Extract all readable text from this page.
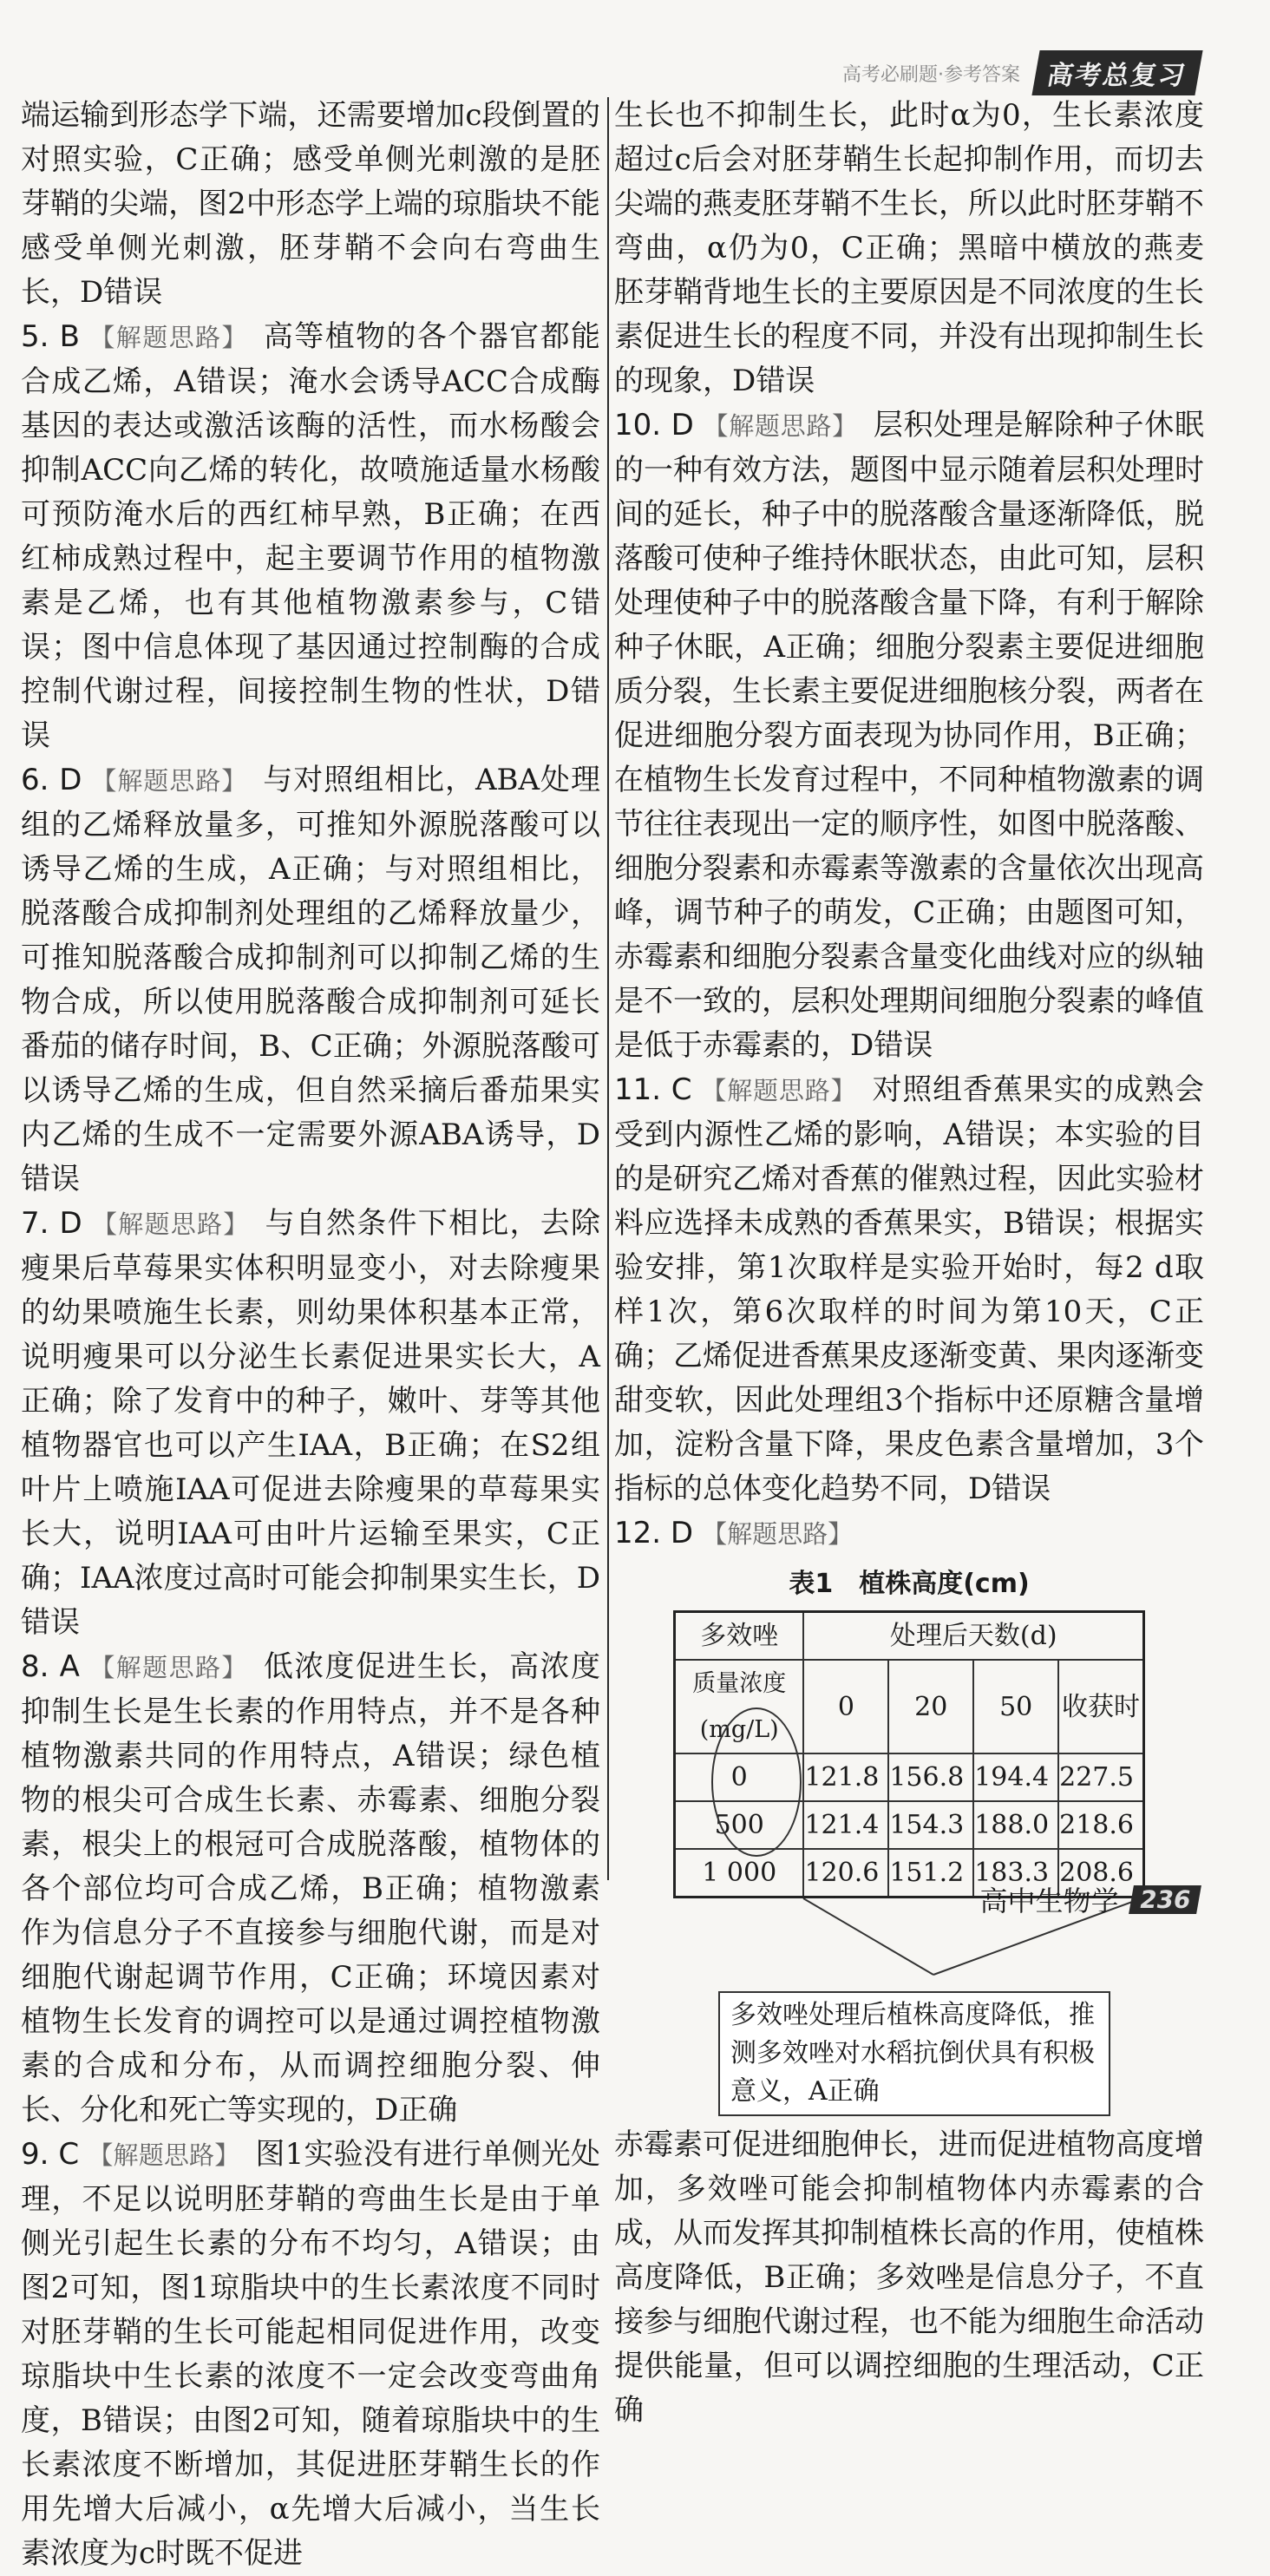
高考必刷题·参考答案 高考总复习

端运输到形态学下端，还需要增加c段倒置的对照实验，C正确；感受单侧光刺激的是胚芽鞘的尖端，图2中形态学上端的琼脂块不能感受单侧光刺激，胚芽鞘不会向右弯曲生长，D错误

5. B 【解题思路】 高等植物的各个器官都能合成乙烯，A错误；淹水会诱导ACC合成酶基因的表达或激活该酶的活性，而水杨酸会抑制ACC向乙烯的转化，故喷施适量水杨酸可预防淹水后的西红柿早熟，B正确；在西红柿成熟过程中，起主要调节作用的植物激素是乙烯，也有其他植物激素参与，C错误；图中信息体现了基因通过控制酶的合成控制代谢过程，间接控制生物的性状，D错误

6. D 【解题思路】 与对照组相比，ABA处理组的乙烯释放量多，可推知外源脱落酸可以诱导乙烯的生成，A正确；与对照组相比，脱落酸合成抑制剂处理组的乙烯释放量少，可推知脱落酸合成抑制剂可以抑制乙烯的生物合成，所以使用脱落酸合成抑制剂可延长番茄的储存时间，B、C正确；外源脱落酸可以诱导乙烯的生成，但自然采摘后番茄果实内乙烯的生成不一定需要外源ABA诱导，D错误

7. D 【解题思路】 与自然条件下相比，去除瘦果后草莓果实体积明显变小，对去除瘦果的幼果喷施生长素，则幼果体积基本正常，说明瘦果可以分泌生长素促进果实长大，A正确；除了发育中的种子，嫩叶、芽等其他植物器官也可以产生IAA，B正确；在S2组叶片上喷施IAA可促进去除瘦果的草莓果实长大，说明IAA可由叶片运输至果实，C正确；IAA浓度过高时可能会抑制果实生长，D错误

8. A 【解题思路】 低浓度促进生长，高浓度抑制生长是生长素的作用特点，并不是各种植物激素共同的作用特点，A错误；绿色植物的根尖可合成生长素、赤霉素、细胞分裂素，根尖上的根冠可合成脱落酸，植物体的各个部位均可合成乙烯，B正确；植物激素作为信息分子不直接参与细胞代谢，而是对细胞代谢起调节作用，C正确；环境因素对植物生长发育的调控可以是通过调控植物激素的合成和分布，从而调控细胞分裂、伸长、分化和死亡等实现的，D正确

9. C 【解题思路】 图1实验没有进行单侧光处理，不足以说明胚芽鞘的弯曲生长是由于单侧光引起生长素的分布不均匀，A错误；由图2可知，图1琼脂块中的生长素浓度不同时对胚芽鞘的生长可能起相同促进作用，改变琼脂块中生长素的浓度不一定会改变弯曲角度，B错误；由图2可知，随着琼脂块中的生长素浓度不断增加，其促进胚芽鞘生长的作用先增大后减小，α先增大后减小，当生长素浓度为c时既不促进

生长也不抑制生长，此时α为0，生长素浓度超过c后会对胚芽鞘生长起抑制作用，而切去尖端的燕麦胚芽鞘不生长，所以此时胚芽鞘不弯曲，α仍为0，C正确；黑暗中横放的燕麦胚芽鞘背地生长的主要原因是不同浓度的生长素促进生长的程度不同，并没有出现抑制生长的现象，D错误

10. D 【解题思路】 层积处理是解除种子休眠的一种有效方法，题图中显示随着层积处理时间的延长，种子中的脱落酸含量逐渐降低，脱落酸可使种子维持休眠状态，由此可知，层积处理使种子中的脱落酸含量下降，有利于解除种子休眠，A正确；细胞分裂素主要促进细胞质分裂，生长素主要促进细胞核分裂，两者在促进细胞分裂方面表现为协同作用，B正确；在植物生长发育过程中，不同种植物激素的调节往往表现出一定的顺序性，如图中脱落酸、细胞分裂素和赤霉素等激素的含量依次出现高峰，调节种子的萌发，C正确；由题图可知，赤霉素和细胞分裂素含量变化曲线对应的纵轴是不一致的，层积处理期间细胞分裂素的峰值是低于赤霉素的，D错误

11. C 【解题思路】 对照组香蕉果实的成熟会受到内源性乙烯的影响，A错误；本实验的目的是研究乙烯对香蕉的催熟过程，因此实验材料应选择未成熟的香蕉果实，B错误；根据实验安排，第1次取样是实验开始时，每2 d取样1次，第6次取样的时间为第10天，C正确；乙烯促进香蕉果皮逐渐变黄、果肉逐渐变甜变软，因此处理组3个指标中还原糖含量增加，淀粉含量下降，果皮色素含量增加，3个指标的总体变化趋势不同，D错误

12. D 【解题思路】

表1　植株高度(cm)
多效唑	处理后天数(d)			
质量浓度(mg/L)	0	20	50	收获时
0	121.8	156.8	194.4	227.5
500	121.4	154.3	188.0	218.6
1 000	120.6	151.2	183.3	208.6
多效唑处理后植株高度降低，推测多效唑对水稻抗倒伏具有积极意义，A正确

赤霉素可促进细胞伸长，进而促进植物高度增加，多效唑可能会抑制植物体内赤霉素的合成，从而发挥其抑制植株长高的作用，使植株高度降低，B正确；多效唑是信息分子，不直接参与细胞代谢过程，也不能为细胞生命活动提供能量，但可以调控细胞的生理活动，C正确

高中生物学 236
